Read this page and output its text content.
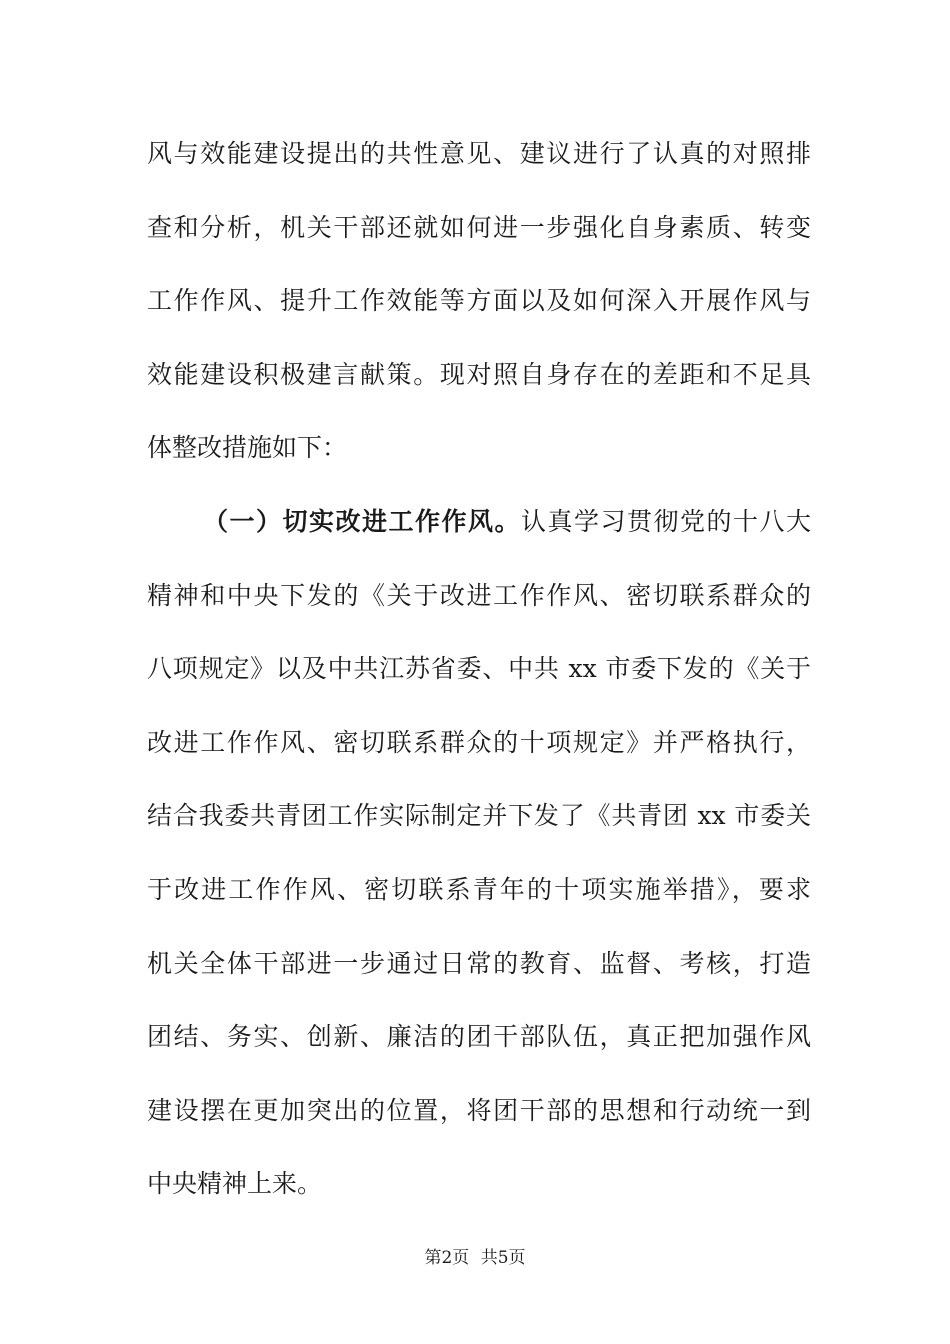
风与效能建设提出的共性意见、建议进行了认真的对照排
查和分析，机关干部还就如何进一步强化自身素质、转变
工作作风、提升工作效能等方面以及如何深入开展作风与
效能建设积极建言献策。现对照自身存在的差距和不足具
体整改措施如下：
（一）切实改进工作作风。认真学习贯彻党的十八大
精神和中央下发的《关于改进工作作风、密切联系群众的
八项规定》以及中共江苏省委、中共 xx 市委下发的《关于
改进工作作风、密切联系群众的十项规定》并严格执行，
结合我委共青团工作实际制定并下发了《共青团 xx 市委关
于改进工作作风、密切联系青年的十项实施举措》，要求
机关全体干部进一步通过日常的教育、监督、考核，打造
团结、务实、创新、廉洁的团干部队伍，真正把加强作风
建设摆在更加突出的位置，将团干部的思想和行动统一到
中央精神上来。
第2页 共5页
